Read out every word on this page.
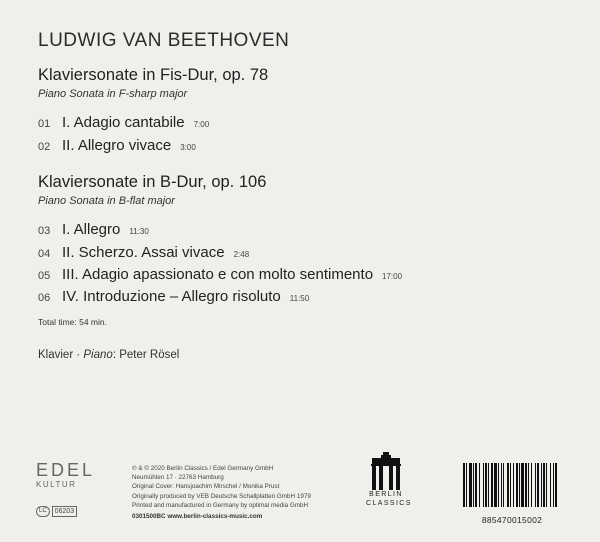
LUDWIG VAN BEETHOVEN
Klaviersonate in Fis-Dur, op. 78
Piano Sonata in F-sharp major
01 I. Adagio cantabile 7:00
02 II. Allegro vivace 3:00
Klaviersonate in B-Dur, op. 106
Piano Sonata in B-flat major
03 I. Allegro 11:30
04 II. Scherzo. Assai vivace 2:48
05 III. Adagio apassionato e con molto sentimento 17:00
06 IV. Introduzione – Allegro risoluto 11:50
Total time: 54 min.
Klavier · Piano: Peter Rösel
EDEL
KULTUR
LC	06203
℗ & © 2020 Berlin Classics / Edel Germany GmbH
Neumühlen 17 · 22763 Hamburg
Original Cover: Hansjoachim Mirschel / Monika Prust
Originally produced by VEB Deutsche Schallplatten GmbH 1979
Printed and manufactured in Germany by optimal media GmbH
0301500BC www.berlin-classics-music.com
BERLIN
CLASSICS
885470015002
